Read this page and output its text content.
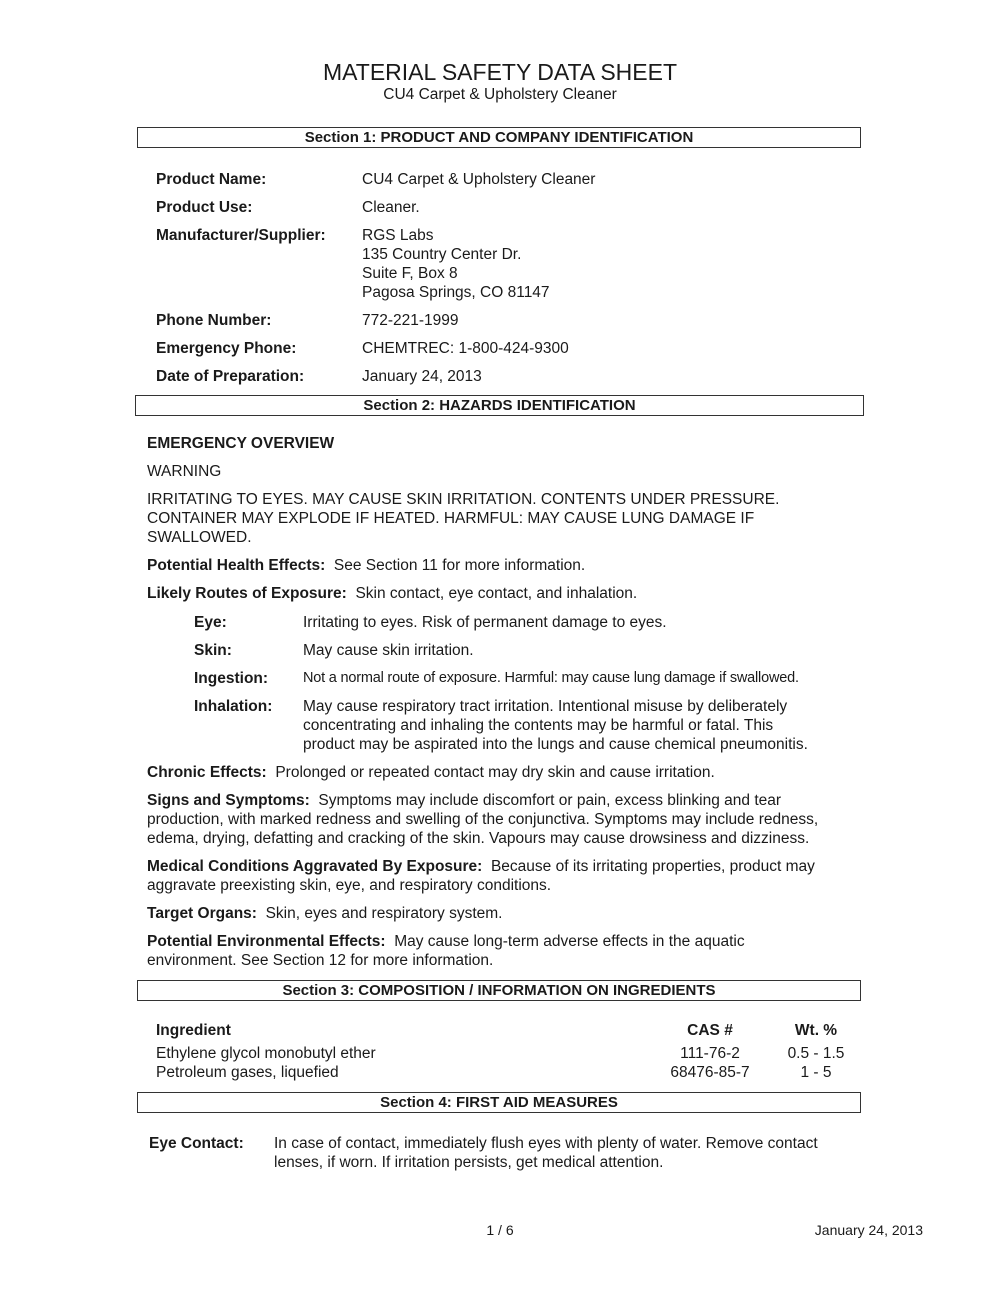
MATERIAL SAFETY DATA SHEET
CU4 Carpet & Upholstery Cleaner
Section 1: PRODUCT AND COMPANY IDENTIFICATION
Product Name:	CU4 Carpet & Upholstery Cleaner
Product Use:	Cleaner.
Manufacturer/Supplier: RGS Labs
135 Country Center Dr.
Suite F, Box 8
Pagosa Springs, CO 81147
Phone Number:	772-221-1999
Emergency Phone:	CHEMTREC: 1-800-424-9300
Date of Preparation:	January 24, 2013
Section 2: HAZARDS IDENTIFICATION
EMERGENCY OVERVIEW
WARNING
IRRITATING TO EYES. MAY CAUSE SKIN IRRITATION. CONTENTS UNDER PRESSURE.
CONTAINER MAY EXPLODE IF HEATED. HARMFUL: MAY CAUSE LUNG DAMAGE IF
SWALLOWED.
Potential Health Effects: See Section 11 for more information.
Likely Routes of Exposure: Skin contact, eye contact, and inhalation.
Eye:	Irritating to eyes. Risk of permanent damage to eyes.
Skin:	May cause skin irritation.
Ingestion: Not a normal route of exposure. Harmful: may cause lung damage if swallowed.
Inhalation: May cause respiratory tract irritation. Intentional misuse by deliberately
concentrating and inhaling the contents may be harmful or fatal. This
product may be aspirated into the lungs and cause chemical pneumonitis.
Chronic Effects: Prolonged or repeated contact may dry skin and cause irritation.
Signs and Symptoms: Symptoms may include discomfort or pain, excess blinking and tear
production, with marked redness and swelling of the conjunctiva. Symptoms may include redness,
edema, drying, defatting and cracking of the skin. Vapours may cause drowsiness and dizziness.
Medical Conditions Aggravated By Exposure: Because of its irritating properties, product may
aggravate preexisting skin, eye, and respiratory conditions.
Target Organs: Skin, eyes and respiratory system.
Potential Environmental Effects: May cause long-term adverse effects in the aquatic
environment. See Section 12 for more information.
Section 3: COMPOSITION / INFORMATION ON INGREDIENTS
Ingredient	CAS #	Wt. %
Ethylene glycol monobutyl ether	111-76-2	0.5 - 1.5
Petroleum gases, liquefied	68476-85-7	1 - 5
Section 4: FIRST AID MEASURES
Eye Contact: In case of contact, immediately flush eyes with plenty of water. Remove contact
lenses, if worn. If irritation persists, get medical attention.
1 / 6	January 24, 2013
